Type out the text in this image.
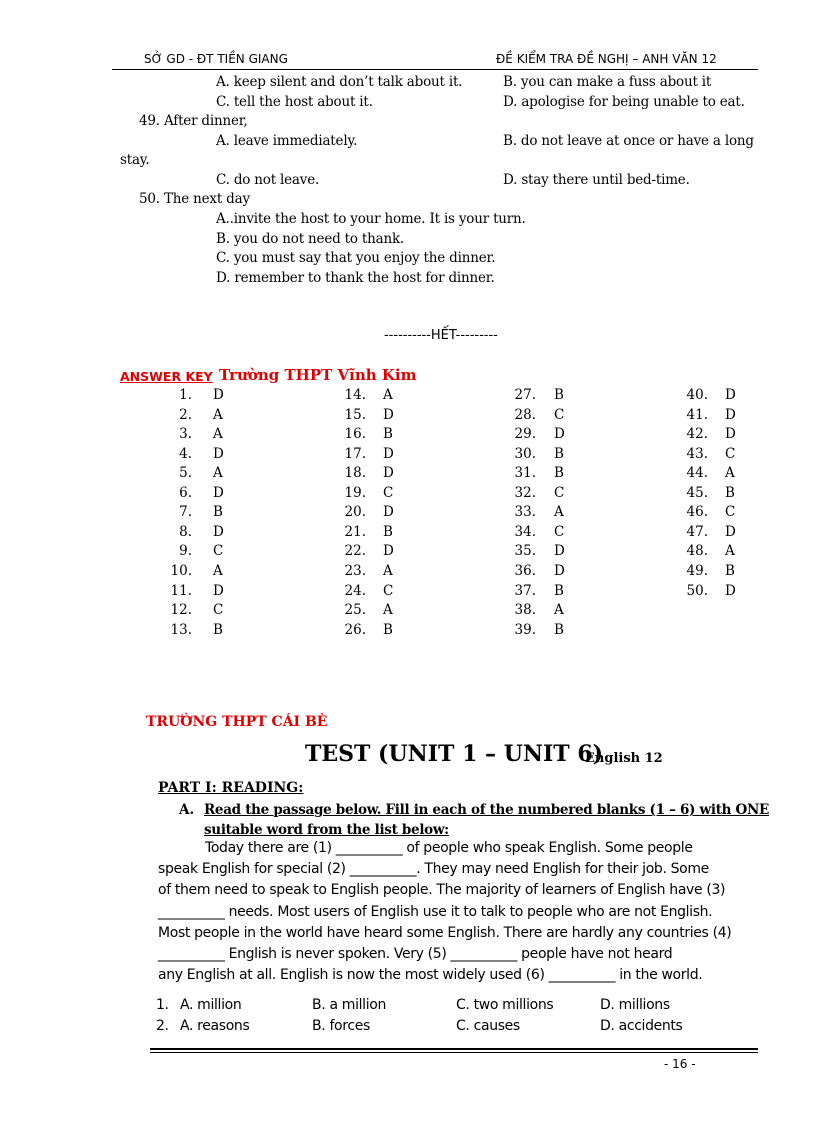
SỞ GD - ĐT TIỀN GIANG	ĐỀ KIỂM TRA ĐỀ NGHỊ – ANH VĂN 12
A. keep silent and don’t talk about it.	B. you can make a fuss about it
C. tell the host about it.	D. apologise for being unable to eat.
49. After dinner,
A. leave immediately.	B. do not leave at once or have a long
stay.
C. do not leave.	D. stay there until bed-time.
50. The next day
A..invite the host to your home. It is your turn.
B. you do not need to thank.
C. you must say that you enjoy the dinner.
D. remember to thank the host for dinner.
----------HẾT---------
ANSWER KEY Trường THPT Vĩnh Kim
1. D
2. A
3. A
4. D
5. A
6. D
7. B
8. D
9. C
10. A
11. D
12. C
13. B
14. A
15. D
16. B
17. D
18. D
19. C
20. D
21. B
22. D
23. A
24. C
25. A
26. B
27. B
28. C
29. D
30. B
31. B
32. C
33. A
34. C
35. D
36. D
37. B
38. A
39. B
40. D
41. D
42. D
43. C
44. A
45. B
46. C
47. D
48. A
49. B
50. D
TRƯỜNG THPT CÁI BÈ
TEST (UNIT 1 – UNIT 6)
English 12
PART I: READING:
A. Read the passage below. Fill in each of the numbered blanks (1 – 6) with ONE
suitable word from the list below:
Today there are (1) __________ of people who speak English. Some people
speak English for special (2) __________. They may need English for their job. Some
of them need to speak to English people. The majority of learners of English have (3)
__________ needs. Most users of English use it to talk to people who are not English.
Most people in the world have heard some English. There are hardly any countries (4)
__________ English is never spoken. Very (5) __________ people have not heard
any English at all. English is now the most widely used (6) __________ in the world.
1. A. million	B. a million	C. two millions	D. millions
2. A. reasons	B. forces	C. causes	D. accidents
- 16 -
